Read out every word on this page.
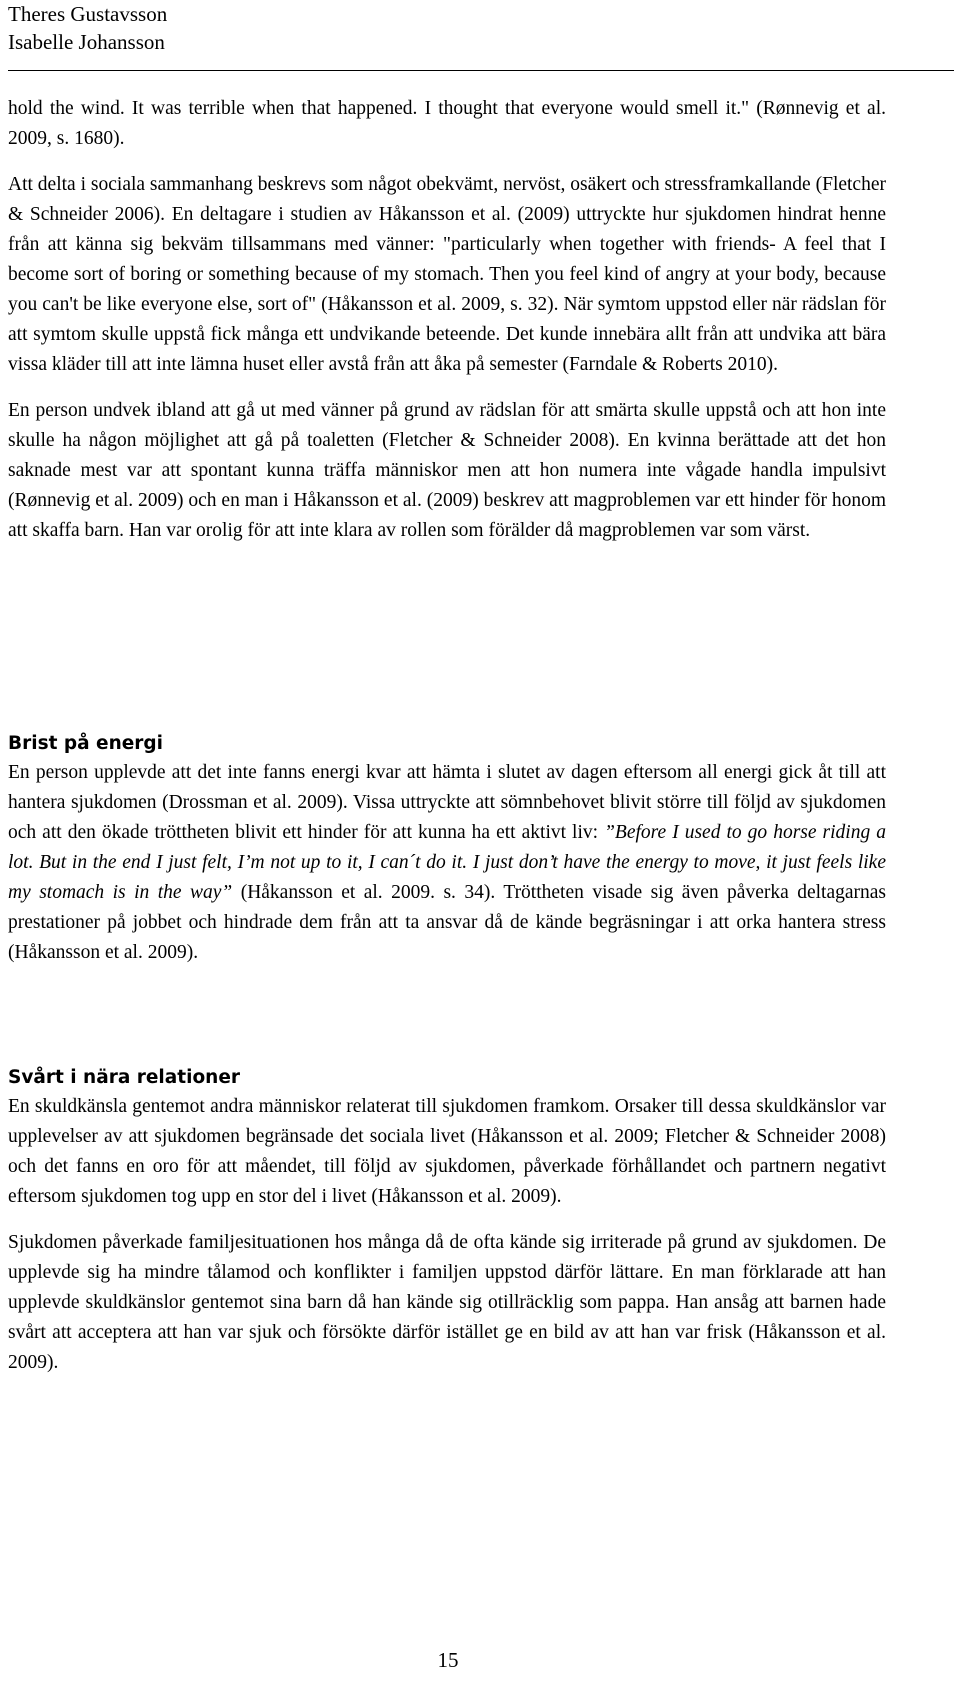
Theres Gustavsson
Isabelle Johansson

hold the wind. It was terrible when that happened. I thought that everyone would smell it." (Rønnevig et al. 2009, s. 1680).

Att delta i sociala sammanhang beskrevs som något obekvämt, nervöst, osäkert och stressframkallande (Fletcher & Schneider 2006). En deltagare i studien av Håkansson et al. (2009) uttryckte hur sjukdomen hindrat henne från att känna sig bekväm tillsammans med vänner: "particularly when together with friends- A feel that I become sort of boring or something because of my stomach. Then you feel kind of angry at your body, because you can't be like everyone else, sort of" (Håkansson et al. 2009, s. 32). När symtom uppstod eller när rädslan för att symtom skulle uppstå fick många ett undvikande beteende. Det kunde innebära allt från att undvika att bära vissa kläder till att inte lämna huset eller avstå från att åka på semester (Farndale & Roberts 2010).

En person undvek ibland att gå ut med vänner på grund av rädslan för att smärta skulle uppstå och att hon inte skulle ha någon möjlighet att gå på toaletten (Fletcher & Schneider 2008). En kvinna berättade att det hon saknade mest var att spontant kunna träffa människor men att hon numera inte vågade handla impulsivt (Rønnevig et al. 2009) och en man i Håkansson et al. (2009) beskrev att magproblemen var ett hinder för honom att skaffa barn. Han var orolig för att inte klara av rollen som förälder då magproblemen var som värst.

Brist på energi

En person upplevde att det inte fanns energi kvar att hämta i slutet av dagen eftersom all energi gick åt till att hantera sjukdomen (Drossman et al. 2009). Vissa uttryckte att sömnbehovet blivit större till följd av sjukdomen och att den ökade tröttheten blivit ett hinder för att kunna ha ett aktivt liv: ”Before I used to go horse riding a lot. But in the end I just felt, I’m not up to it, I can´t do it. I just don’t have the energy to move, it just feels like my stomach is in the way” (Håkansson et al. 2009. s. 34). Tröttheten visade sig även påverka deltagarnas prestationer på jobbet och hindrade dem från att ta ansvar då de kände begräsningar i att orka hantera stress (Håkansson et al. 2009).

Svårt i nära relationer

En skuldkänsla gentemot andra människor relaterat till sjukdomen framkom. Orsaker till dessa skuldkänslor var upplevelser av att sjukdomen begränsade det sociala livet (Håkansson et al. 2009; Fletcher & Schneider 2008) och det fanns en oro för att måendet, till följd av sjukdomen, påverkade förhållandet och partnern negativt eftersom sjukdomen tog upp en stor del i livet (Håkansson et al. 2009).

Sjukdomen påverkade familjesituationen hos många då de ofta kände sig irriterade på grund av sjukdomen. De upplevde sig ha mindre tålamod och konflikter i familjen uppstod därför lättare. En man förklarade att han upplevde skuldkänslor gentemot sina barn då han kände sig otillräcklig som pappa. Han ansåg att barnen hade svårt att acceptera att han var sjuk och försökte därför istället ge en bild av att han var frisk (Håkansson et al. 2009).

15
